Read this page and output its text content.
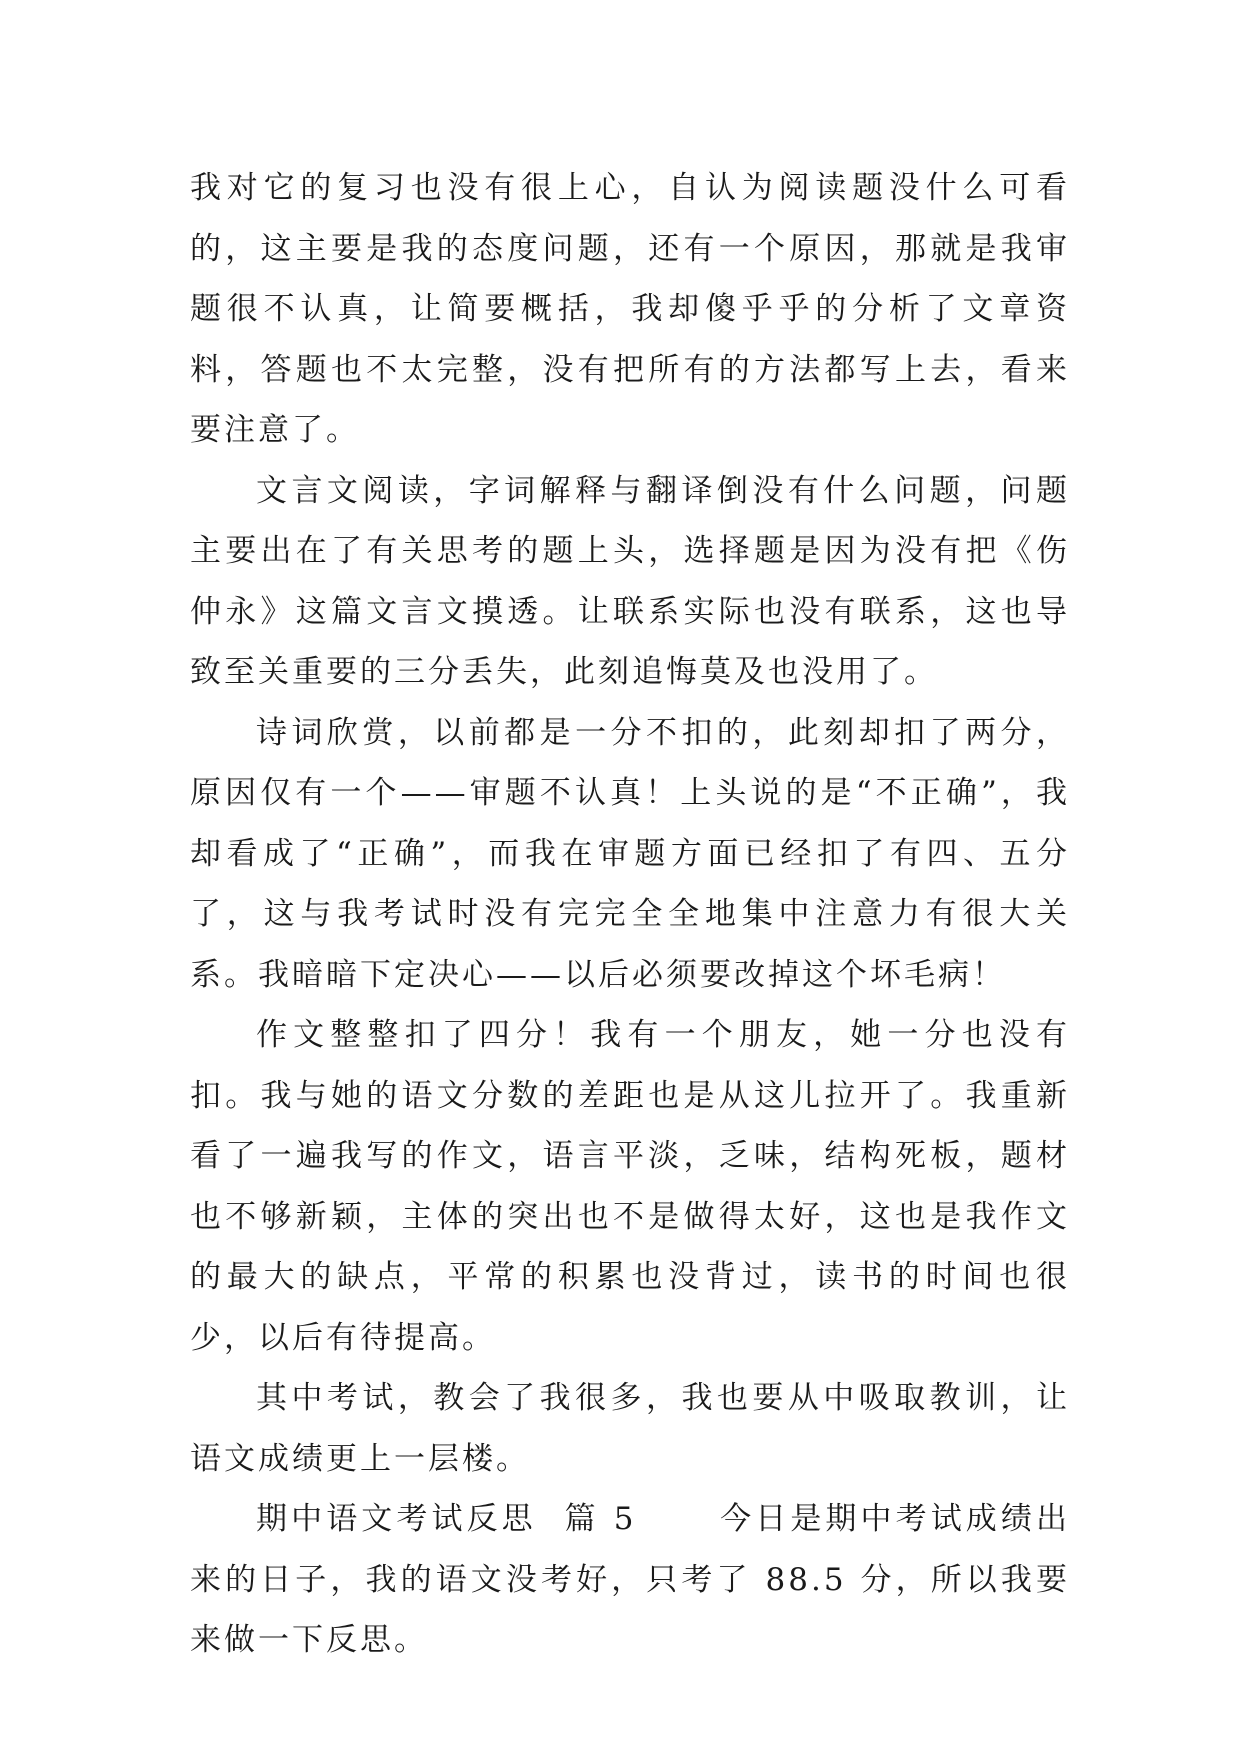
我对它的复习也没有很上心，自认为阅读题没什么可看的，这主要是我的态度问题，还有一个原因，那就是我审题很不认真，让简要概括，我却傻乎乎的分析了文章资料，答题也不太完整，没有把所有的方法都写上去，看来要注意了。

文言文阅读，字词解释与翻译倒没有什么问题，问题主要出在了有关思考的题上头，选择题是因为没有把《伤仲永》这篇文言文摸透。让联系实际也没有联系，这也导致至关重要的三分丢失，此刻追悔莫及也没用了。

诗词欣赏，以前都是一分不扣的，此刻却扣了两分，原因仅有一个——审题不认真！上头说的是“不正确”，我却看成了“正确”，而我在审题方面已经扣了有四、五分了，这与我考试时没有完完全全地集中注意力有很大关系。我暗暗下定决心——以后必须要改掉这个坏毛病！

作文整整扣了四分！我有一个朋友，她一分也没有扣。我与她的语文分数的差距也是从这儿拉开了。我重新看了一遍我写的作文，语言平淡，乏味，结构死板，题材也不够新颖，主体的突出也不是做得太好，这也是我作文的最大的缺点，平常的积累也没背过，读书的时间也很少，以后有待提高。

其中考试，教会了我很多，我也要从中吸取教训，让语文成绩更上一层楼。

期中语文考试反思  篇 5      今日是期中考试成绩出来的日子，我的语文没考好，只考了 88.5 分，所以我要来做一下反思。
